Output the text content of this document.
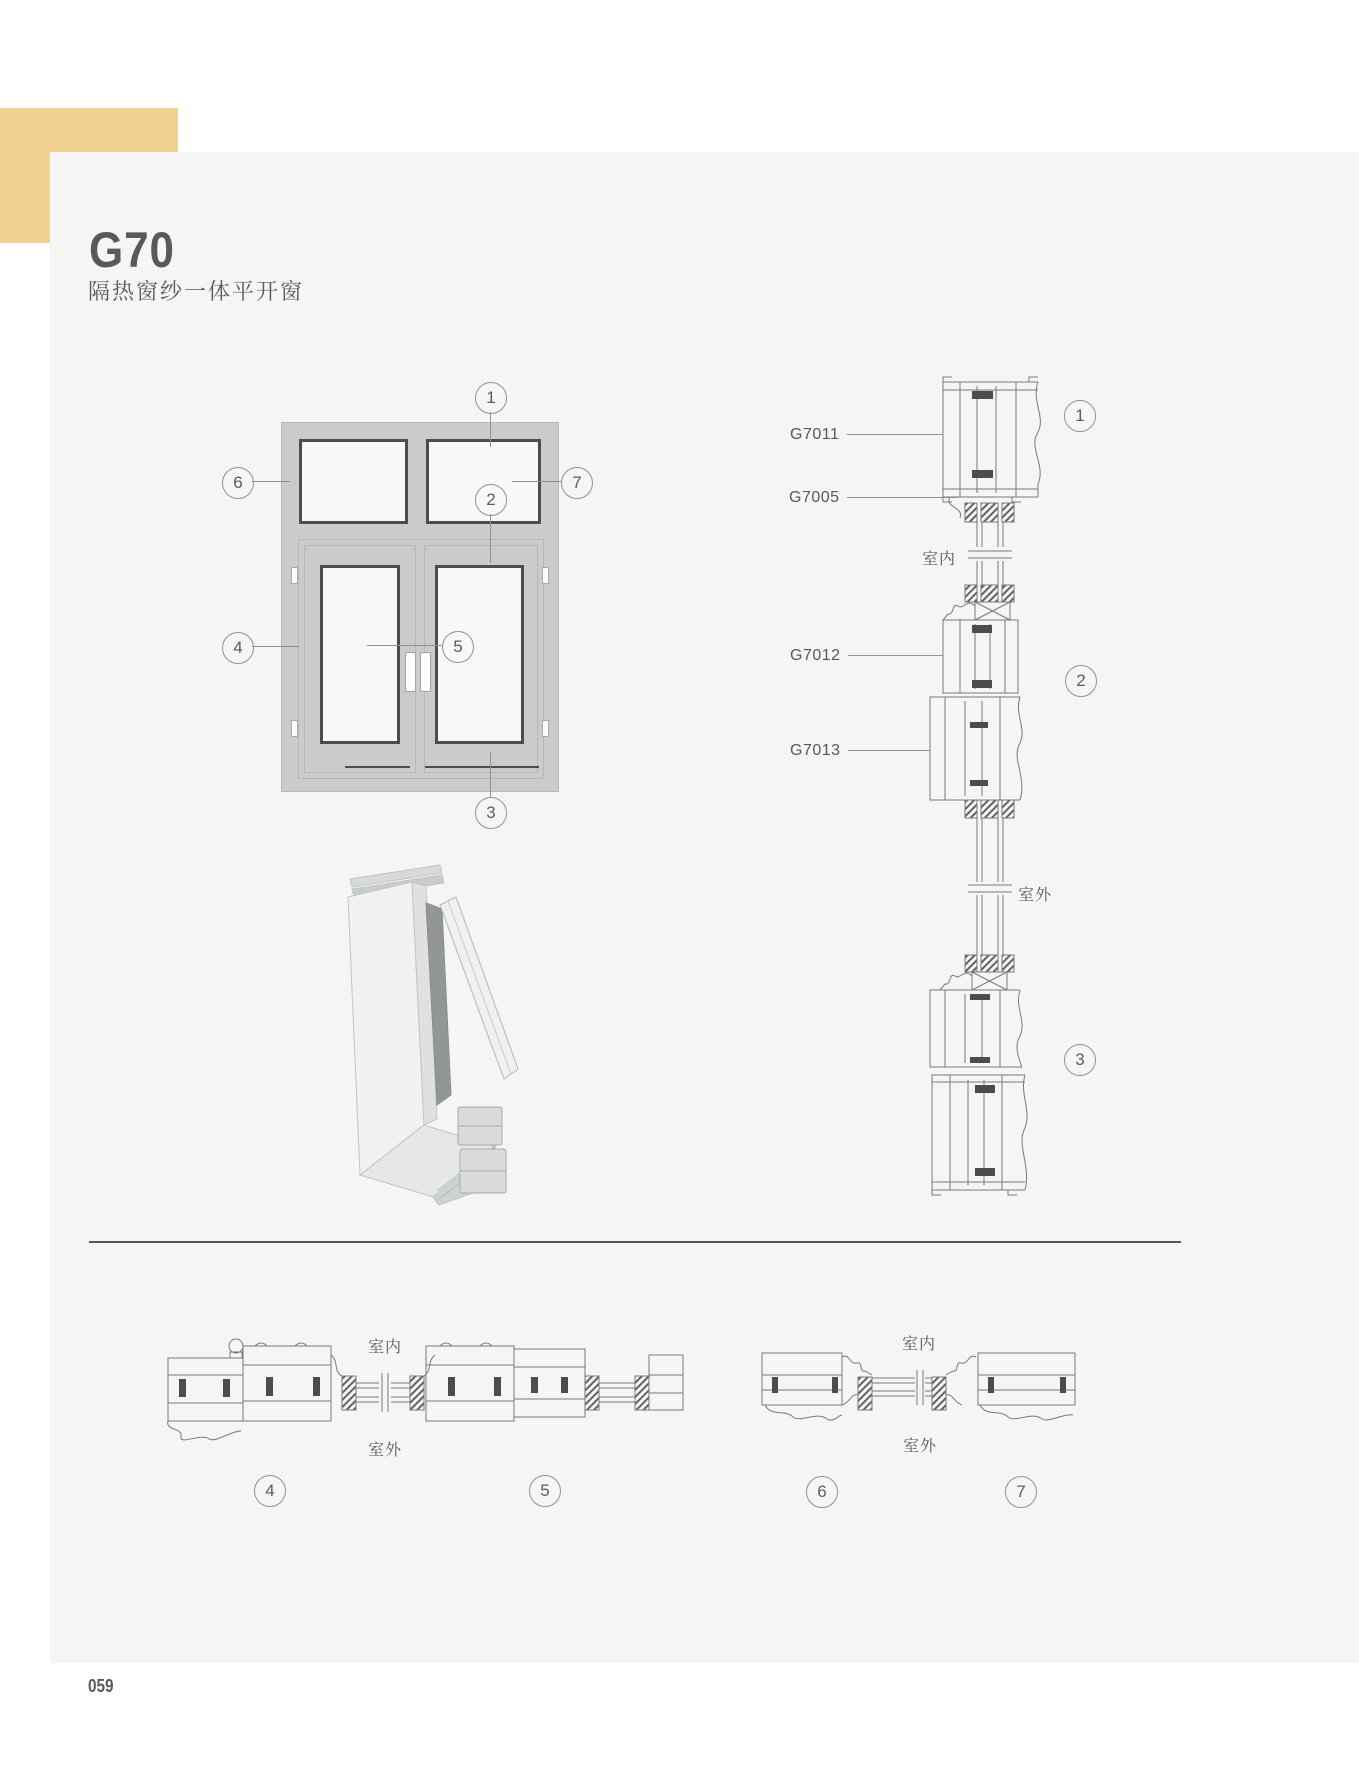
G70
隔热窗纱一体平开窗
1
2
3
4	5
6	7
G7011
G7005
G7012
G7013
室内
室外
1
2
3
室内
室外
室内
室外
4	5	6	7
059
